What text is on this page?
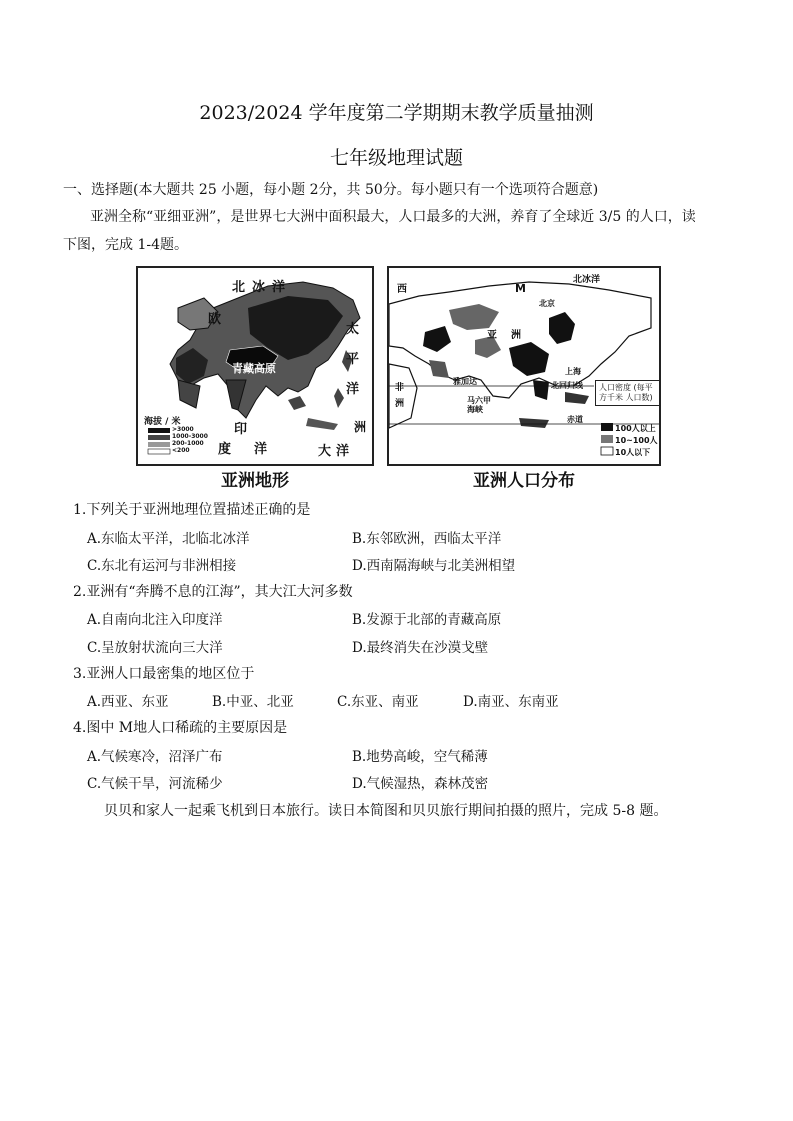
2023/2024 学年度第二学期期末教学质量抽测
七年级地理试题
一、选择题(本大题共 25 小题，每小题 2分，共 50分。每小题只有一个选项符合题意)
亚洲全称“亚细亚洲”，是世界七大洲中面积最大，人口最多的大洲，养育了全球近 3/5 的人口，读
下图，完成 1-4题。
北 冰 洋
欧
太
平
洋
青藏高原
印
度 洋	大 洋
洲
海拔 / 米
>3000
1000-3000
200-1000
<200
亚洲地形
北冰洋
西	M
北京
亚 洲
非
洲
上海
北回归线
雅加达
赤道
马六甲海峡
人口密度 (每平方千米 人口数)
100人以上
10~100人
10人以下
亚洲人口分布
1.下列关于亚洲地理位置描述正确的是
A.东临太平洋，北临北冰洋	B.东邻欧洲，西临太平洋
C.东北有运河与非洲相接	D.西南隔海峡与北美洲相望
2.亚洲有“奔腾不息的江海”，其大江大河多数
A.自南向北注入印度洋	B.发源于北部的青藏高原
C.呈放射状流向三大洋	D.最终消失在沙漠戈壁
3.亚洲人口最密集的地区位于
A.西亚、东亚	B.中亚、北亚	C.东亚、南亚	D.南亚、东南亚
4.图中 M地人口稀疏的主要原因是
A.气候寒冷，沼泽广布	B.地势高峻，空气稀薄
C.气候干旱，河流稀少	D.气候湿热，森林茂密
贝贝和家人一起乘飞机到日本旅行。读日本简图和贝贝旅行期间拍摄的照片，完成 5-8 题。
